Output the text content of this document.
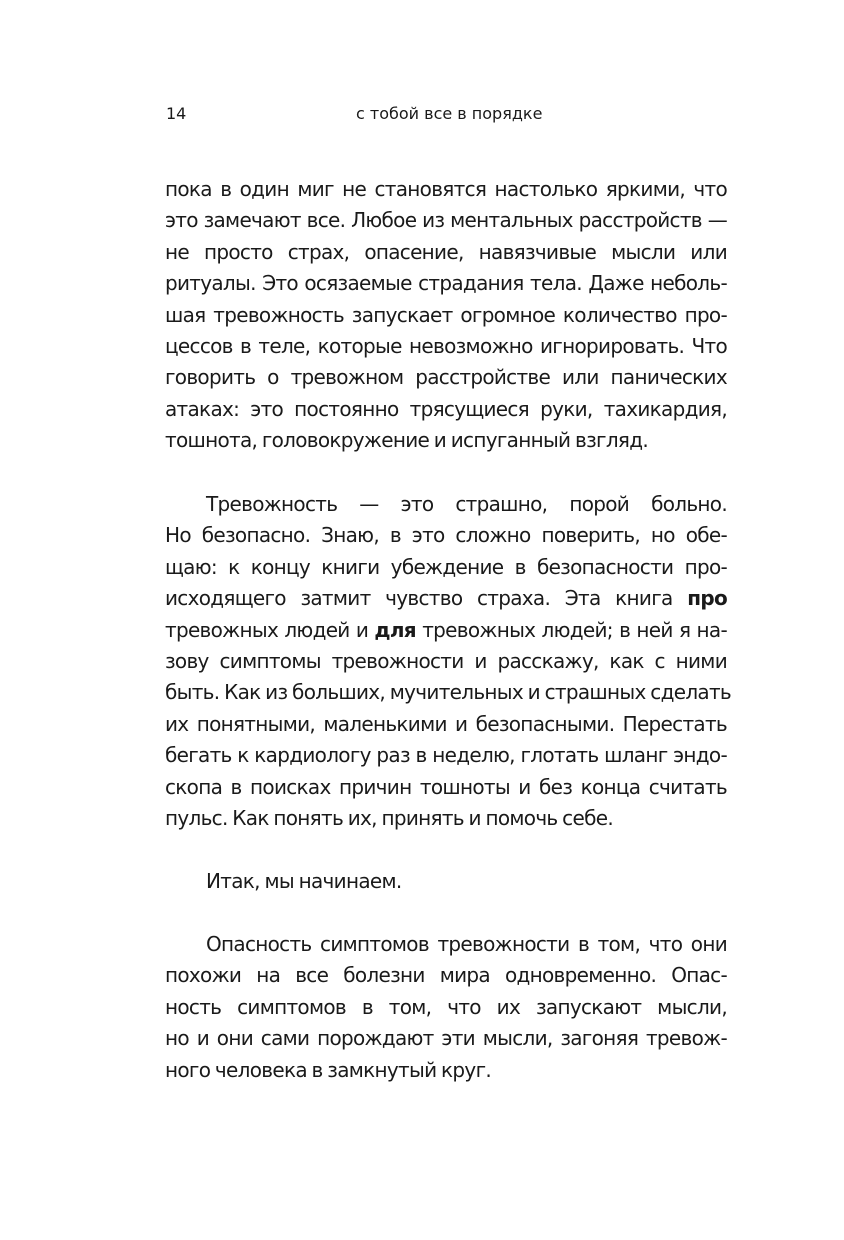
14	с тобой все в порядке
пока в один миг не становятся настолько яркими, что
это замечают все. Любое из ментальных расстройств —
не просто страх, опасение, навязчивые мысли или
ритуалы. Это осязаемые страдания тела. Даже неболь-
шая тревожность запускает огромное количество про-
цессов в теле, которые невозможно игнорировать. Что
говорить о тревожном расстройстве или панических
атаках: это постоянно трясущиеся руки, тахикардия,
тошнота, головокружение и испуганный взгляд.
Тревожность — это страшно, порой больно.
Но безопасно. Знаю, в это сложно поверить, но обе-
щаю: к концу книги убеждение в безопасности про-
исходящего затмит чувство страха. Эта книга про
тревожных людей и для тревожных людей; в ней я на-
зову симптомы тревожности и расскажу, как с ними
быть. Как из больших, мучительных и страшных сделать
их понятными, маленькими и безопасными. Перестать
бегать к кардиологу раз в неделю, глотать шланг эндо-
скопа в поисках причин тошноты и без конца считать
пульс. Как понять их, принять и помочь себе.
Итак, мы начинаем.
Опасность симптомов тревожности в том, что они
похожи на все болезни мира одновременно. Опас-
ность симптомов в том, что их запускают мысли,
но и они сами порождают эти мысли, загоняя тревож-
ного человека в замкнутый круг.
